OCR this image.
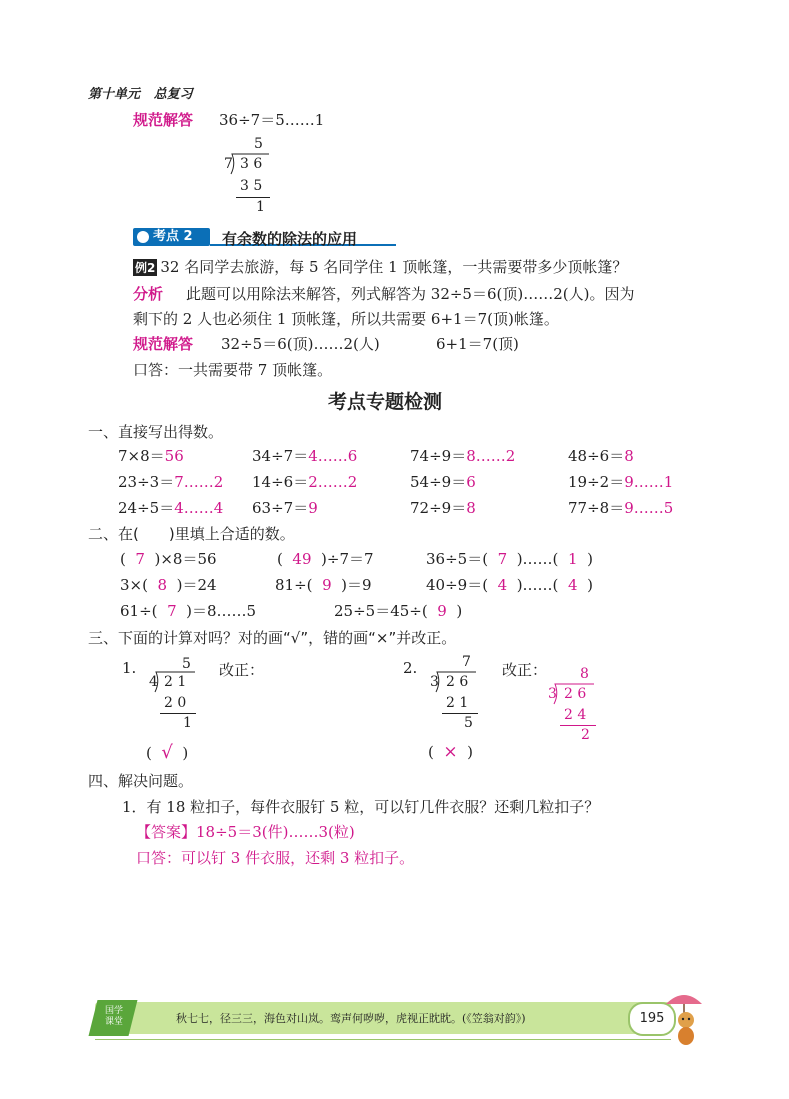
第十单元 总复习
规范解答 36÷7＝5……1
5
7 3 6
3 5
1
考点 2	有余数的除法的应用
例2 32 名同学去旅游，每 5 名同学住 1 顶帐篷，一共需要带多少顶帐篷？
分析 此题可以用除法来解答，列式解答为 32÷5＝6(顶)……2(人)。因为
剩下的 2 人也必须住 1 顶帐篷，所以共需要 6+1＝7(顶)帐篷。
规范解答 32÷5＝6(顶)……2(人)	6+1＝7(顶)
口答：一共需要带 7 顶帐篷。
考点专题检测
一、直接写出得数。
7×8＝56	34÷7＝4……6	74÷9＝8……2	48÷6＝8
23÷3＝7……2 14÷6＝2……2	54÷9＝6	19÷2＝9……1
24÷5＝4……4 63÷7＝9	72÷9＝8	77÷8＝9……5
二、在(　　)里填上合适的数。
( 7 )×8＝56	( 49 )÷7＝7	36÷5＝( 7 )……( 1 )
3×( 8 )＝24	81÷( 9 )＝9	40÷9＝( 4 )……( 4 )
61÷( 7 )＝8……5	25÷5＝45÷( 9 )
三、下面的计算对吗？对的画“√”，错的画“×”并改正。
1.	5
4 2 1
2 0
1
改正：
(  √  )
2.	7
3 2 6
2 1
5
改正：
(  ×  )
8
3 2 6
2 4
2
四、解决问题。
1．有 18 粒扣子，每件衣服钉 5 粒，可以钉几件衣服？还剩几粒扣子？
【答案】18÷5＝3(件)……3(粒)
口答：可以钉 3 件衣服，还剩 3 粒扣子。
国学
课堂	秋七七，径三三，海色对山岚。鸾声何哕哕，虎视正眈眈。(《笠翁对韵》)	195
